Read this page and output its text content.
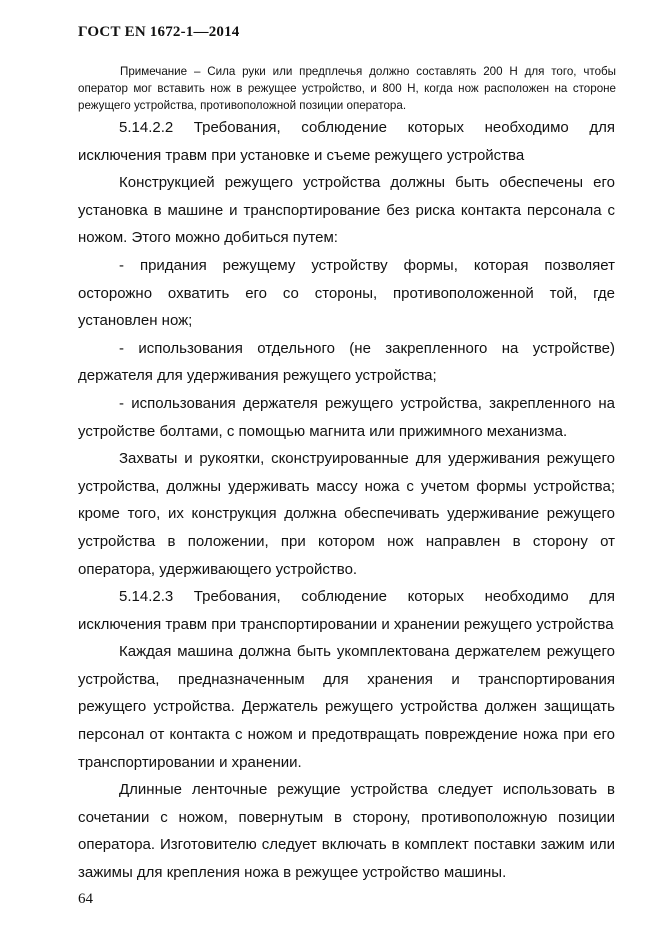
ГОСТ EN 1672-1—2014

Примечание – Сила руки или предплечья должно составлять 200 Н для того, чтобы оператор мог вставить нож в режущее устройство, и 800 Н, когда нож расположен на стороне режущего устройства, противоположной позиции оператора.

5.14.2.2 Требования, соблюдение которых необходимо для исключения травм при установке и съеме режущего устройства

Конструкцией режущего устройства должны быть обеспечены его установка в машине и транспортирование без риска контакта персонала с ножом. Этого можно добиться путем:

- придания режущему устройству формы, которая позволяет осторожно охватить его со стороны, противоположенной той, где установлен нож;

- использования отдельного (не закрепленного на устройстве) держателя для удерживания режущего устройства;

- использования держателя режущего устройства, закрепленного на устройстве болтами, с помощью магнита или прижимного механизма.

Захваты и рукоятки, сконструированные для удерживания режущего устройства, должны удерживать массу ножа с учетом формы устройства; кроме того, их конструкция должна обеспечивать удерживание режущего устройства в положении, при котором нож направлен в сторону от оператора, удерживающего устройство.

5.14.2.3 Требования, соблюдение которых необходимо для исключения травм при транспортировании и хранении режущего устройства

Каждая машина должна быть укомплектована держателем режущего устройства, предназначенным для хранения и транспортирования режущего устройства. Держатель режущего устройства должен защищать персонал от контакта с ножом и предотвращать повреждение ножа при его транспортировании и хранении.

Длинные ленточные режущие устройства следует использовать в сочетании с ножом, повернутым в сторону, противоположную позиции оператора. Изготовителю следует включать в комплект поставки зажим или зажимы для крепления ножа в режущее устройство машины.

64
